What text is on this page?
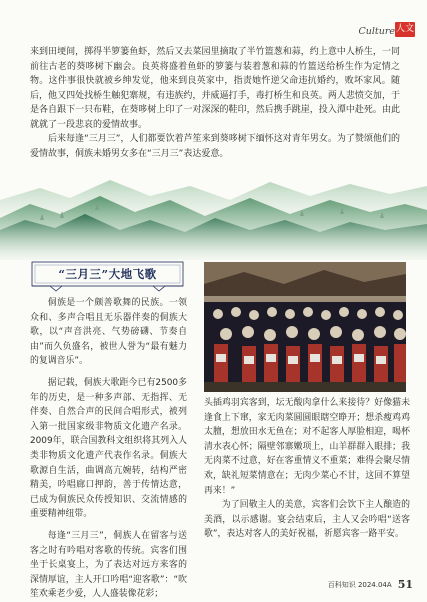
Culture 人文

来到田埂间，掷得半箩篓鱼虾，然后又去菜园里摘取了半竹篮葱和蒜，约上意中人桥生，一同前往古老的葵哆树下幽会。良英将盛着鱼虾的箩篓与装着葱和蒜的竹篮送给桥生作为定情之物。这件事很快就被乡绅发觉，他来到良英家中，指责她忤逆父命违抗婚约，败坏家风。随后，他又四处找桥生触犯寨规，有违族约，并威逼打手，毒打桥生和良英。两人悲愤交加，于是各自跟下一只布鞋，在葵哆树上印了一对深深的鞋印，然后携手跳崖，投入潭中赴死。由此就就了一段悲哀的爱情故事。

后来每逢“三月三”，人们都要饮着芦笙来到葵哆树下缅怀这对青年男女。为了赞颂他们的爱情故事，侗族未婚男女多在“三月三”表达爱意。

“三月三”大地飞歌

侗族是一个颇善歌舞的民族。一领众和、多声合唱且无乐器伴奏的侗族大歌，以“声音洪亮、气势磅礴、节奏自由”而久负盛名，被世人誉为“最有魅力的复调音乐”。

据记载，侗族大歌距今已有2500多年的历史，是一种多声部、无指挥、无伴奏、自然合声的民间合唱形式，被列入第一批国家级非物质文化遗产名录。2009年，联合国教科文组织将其列入人类非物质文化遗产代表作名录。侗族大歌源自生活，曲调高亢婉转，结构严密精美，吟唱廊口押韵，善于传情达意，已成为侗族民众传授知识、交流情感的重要精神纽带。

每逢“三月三”，侗族人在留客与送客之时有吟唱对客歌的传统。宾客们围坐于长桌宴上，为了表达对远方来客的深情厚谊，主人开口吟唱“迎客歌”：“吹笙欢乘老少爱，人人盛装像花彩；

头插鸡羽宾客到，坛无酸肉拿什么来接待？好像猫未逢食上下窜，家无肉菜圆圆眼瞎空睁开；想杀瘦鸡鸡太膻，想放田水无鱼在；对不起客人厚脸相迎，喝杯清水表心怀；隔壁邻寨嫩项上，山羊群群入眼排；我无肉菜不过意，好在客重情义不重菜；难得会聚尽情欢，缺礼短菜情意在；无肉少菜心不甘，这回不算望再来！”

为了回敬主人的美意，宾客们会饮下主人酿造的美酒，以示感谢。宴会结束后，主人又会吟唱“送客歌”，表达对客人的美好祝福，祈愿宾客一路平安。

百科知识 2024.04A 51
